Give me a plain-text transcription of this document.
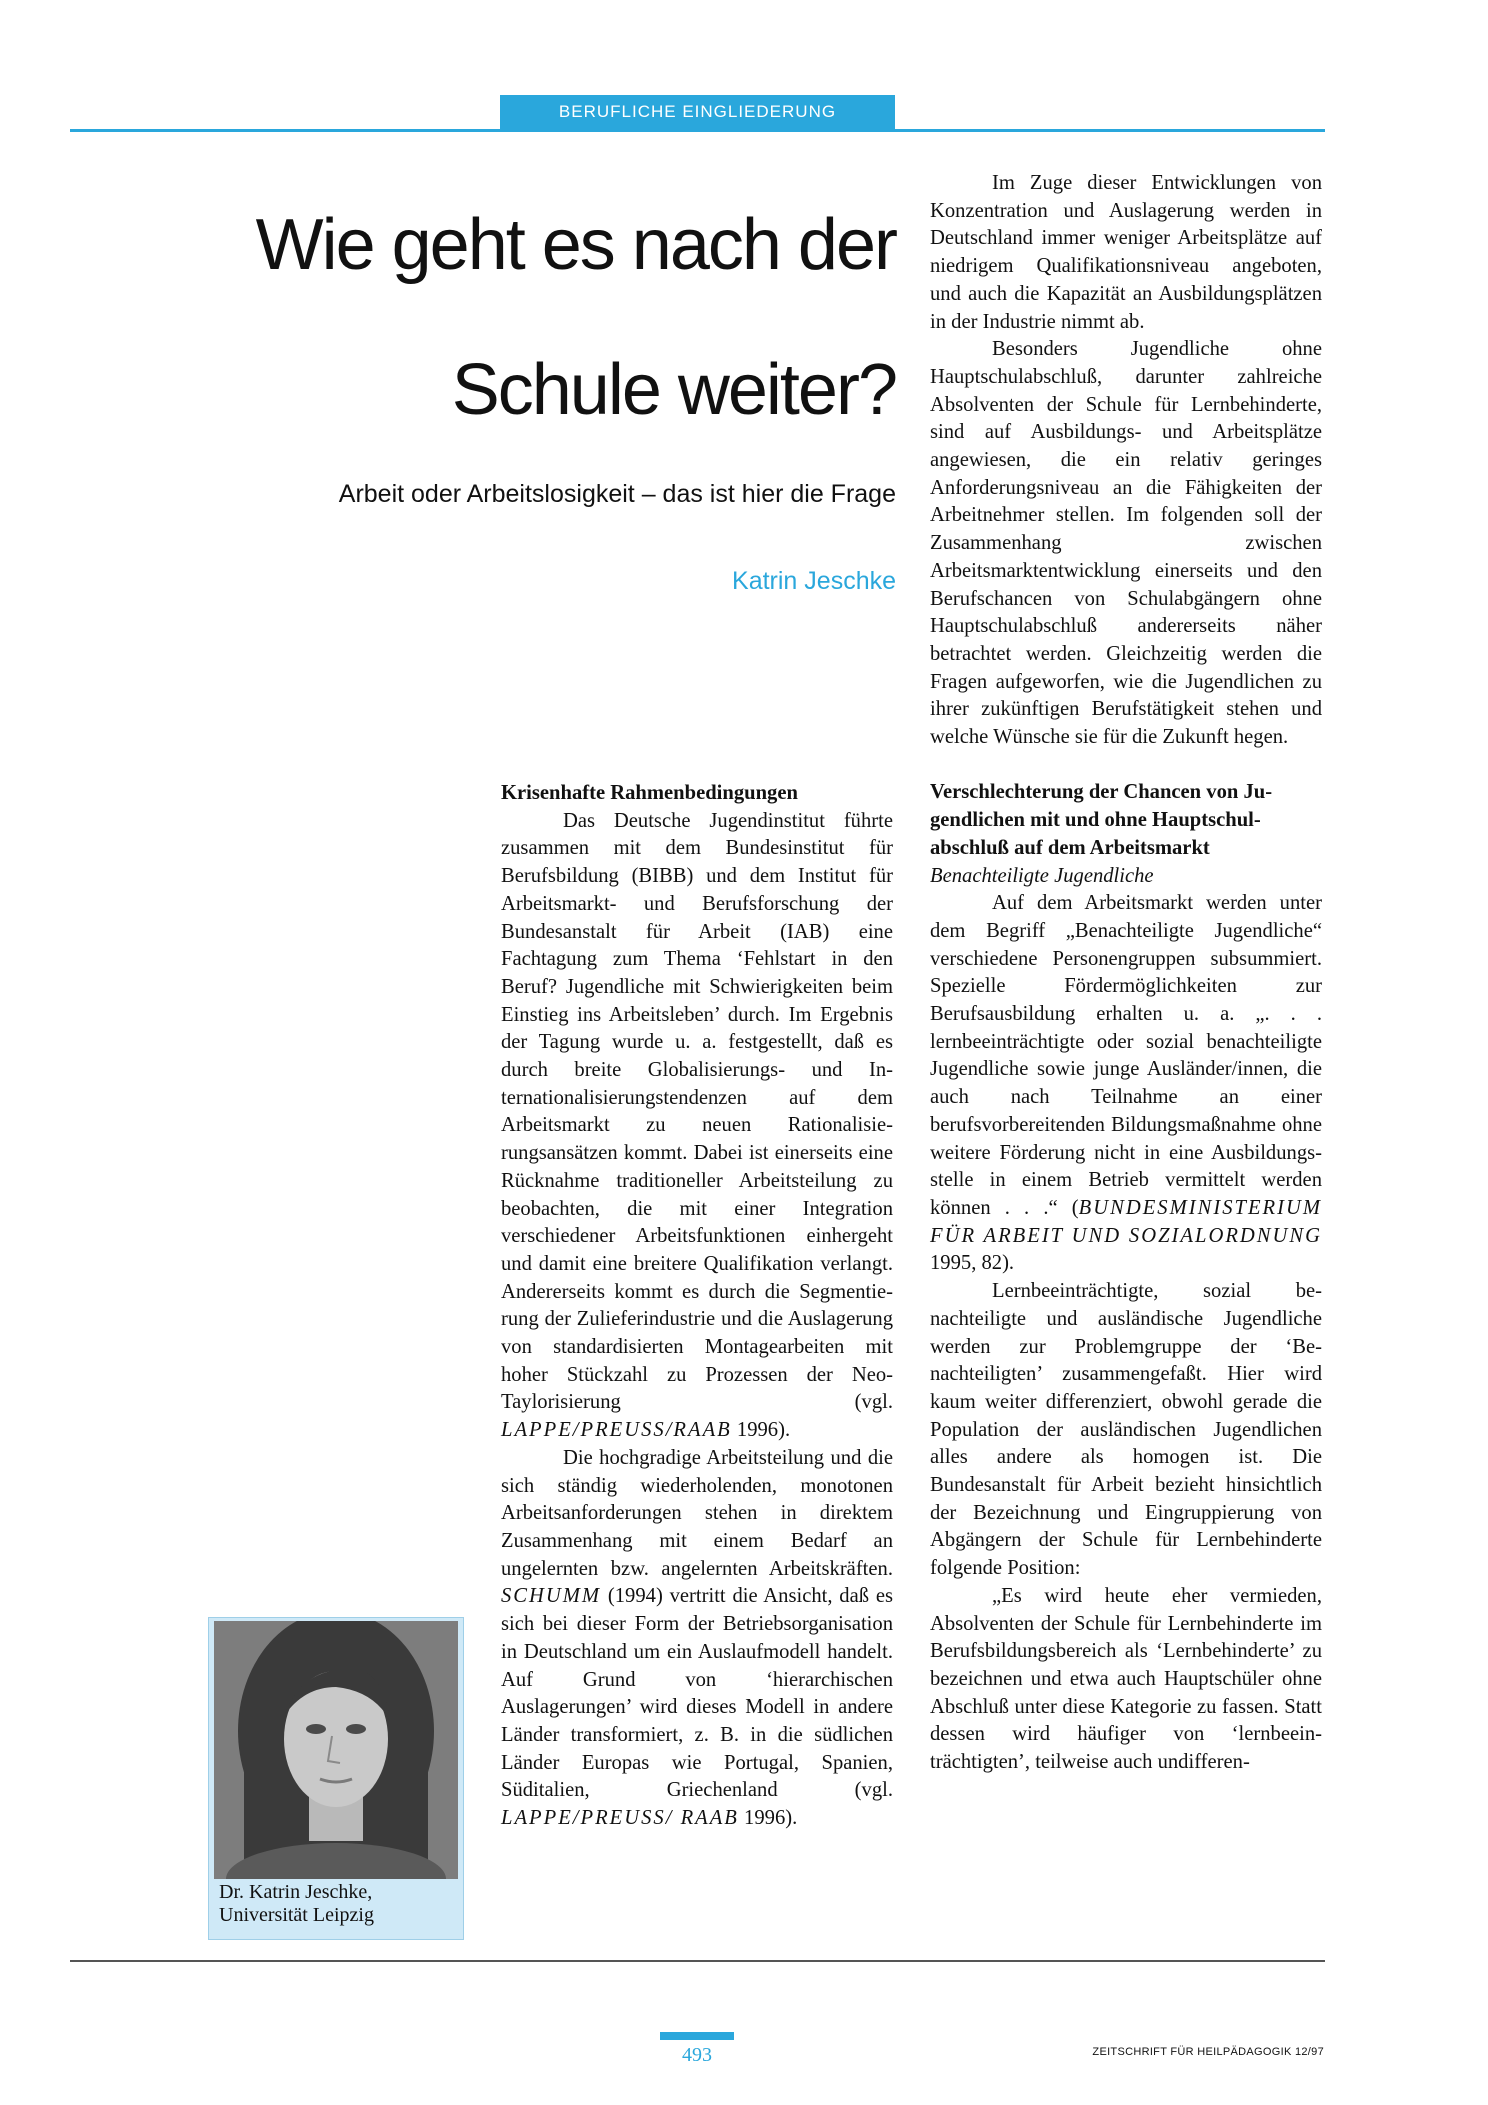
BERUFLICHE EINGLIEDERUNG
Wie geht es nach der
Schule weiter?
Arbeit oder Arbeitslosigkeit – das ist hier die Frage
Katrin Jeschke
Krisenhafte Rahmenbedingungen

Das Deutsche Jugendinstitut führte zusammen mit dem Bundesinstitut für Berufsbildung (BIBB) und dem Institut für Arbeitsmarkt- und Berufsforschung der Bundesanstalt für Arbeit (IAB) eine Fachtagung zum Thema ‘Fehlstart in den Beruf? Jugendliche mit Schwierigkeiten beim Einstieg ins Arbeitsleben’ durch. Im Ergebnis der Tagung wurde u. a. festgestellt, daß es durch breite Globalisierungs- und Internationalisierungstendenzen auf dem Arbeitsmarkt zu neuen Rationalisierungsansätzen kommt. Dabei ist einerseits eine Rücknahme traditioneller Arbeitsteilung zu beobachten, die mit einer Integration verschiedener Arbeitsfunktionen einhergeht und damit eine breitere Qualifikation verlangt. Andererseits kommt es durch die Segmentierung der Zulieferindustrie und die Auslagerung von standardisierten Montagearbeiten mit hoher Stückzahl zu Prozessen der Neo-Taylorisierung (vgl. LAPPE/PREUSS/RAAB 1996).

Die hochgradige Arbeitsteilung und die sich ständig wiederholenden, monotonen Arbeitsanforderungen stehen in direktem Zusammenhang mit einem Bedarf an ungelernten bzw. angelernten Arbeitskräften. SCHUMM (1994) vertritt die Ansicht, daß es sich bei dieser Form der Betriebsorganisation in Deutschland um ein Auslaufmodell handelt. Auf Grund von ‘hierarchischen Auslagerungen’ wird dieses Modell in andere Länder transformiert, z. B. in die südlichen Länder Europas wie Portugal, Spanien, Süditalien, Griechenland (vgl. LAPPE/PREUSS/ RAAB 1996).

Im Zuge dieser Entwicklungen von Konzentration und Auslagerung werden in Deutschland immer weniger Arbeitsplätze auf niedrigem Qualifikationsniveau angeboten, und auch die Kapazität an Ausbildungsplätzen in der Industrie nimmt ab.

Besonders Jugendliche ohne Hauptschulabschluß, darunter zahlreiche Absolventen der Schule für Lernbehinderte, sind auf Ausbildungs- und Arbeitsplätze angewiesen, die ein relativ geringes Anforderungsniveau an die Fähigkeiten der Arbeitnehmer stellen. Im folgenden soll der Zusammenhang zwischen Arbeitsmarktentwicklung einerseits und den Berufschancen von Schulabgängern ohne Hauptschulabschluß andererseits näher betrachtet werden. Gleichzeitig werden die Fragen aufgeworfen, wie die Jugendlichen zu ihrer zukünftigen Berufstätigkeit stehen und welche Wünsche sie für die Zukunft hegen.

Verschlechterung der Chancen von Jugendlichen mit und ohne Hauptschulabschluß auf dem Arbeitsmarkt
Benachteiligte Jugendliche

Auf dem Arbeitsmarkt werden unter dem Begriff „Benachteiligte Jugendliche“ verschiedene Personengruppen subsummiert. Spezielle Fördermöglichkeiten zur Berufsausbildung erhalten u. a. „. . . lernbeeinträchtigte oder sozial benachteiligte Jugendliche sowie junge Ausländer/innen, die auch nach Teilnahme an einer berufsvorbereitenden Bildungsmaßnahme ohne weitere Förderung nicht in eine Ausbildungsstelle in einem Betrieb vermittelt werden können . . .“ (BUNDESMINISTERIUM FÜR ARBEIT UND SOZIALORDNUNG 1995, 82).

Lernbeeinträchtigte, sozial benachteiligte und ausländische Jugendliche werden zur Problemgruppe der ‘Benachteiligten’ zusammengefaßt. Hier wird kaum weiter differenziert, obwohl gerade die Population der ausländischen Jugendlichen alles andere als homogen ist. Die Bundesanstalt für Arbeit bezieht hinsichtlich der Bezeichnung und Eingruppierung von Abgängern der Schule für Lernbehinderte folgende Position:

„Es wird heute eher vermieden, Absolventen der Schule für Lernbehinderte im Berufsbildungsbereich als ‘Lernbehinderte’ zu bezeichnen und etwa auch Hauptschüler ohne Abschluß unter diese Kategorie zu fassen. Statt dessen wird häufiger von ‘lernbeeinträchtigten’, teilweise auch undifferen-

Dr. Katrin Jeschke,
Universität Leipzig
493	ZEITSCHRIFT FÜR HEILPÄDAGOGIK 12/97
